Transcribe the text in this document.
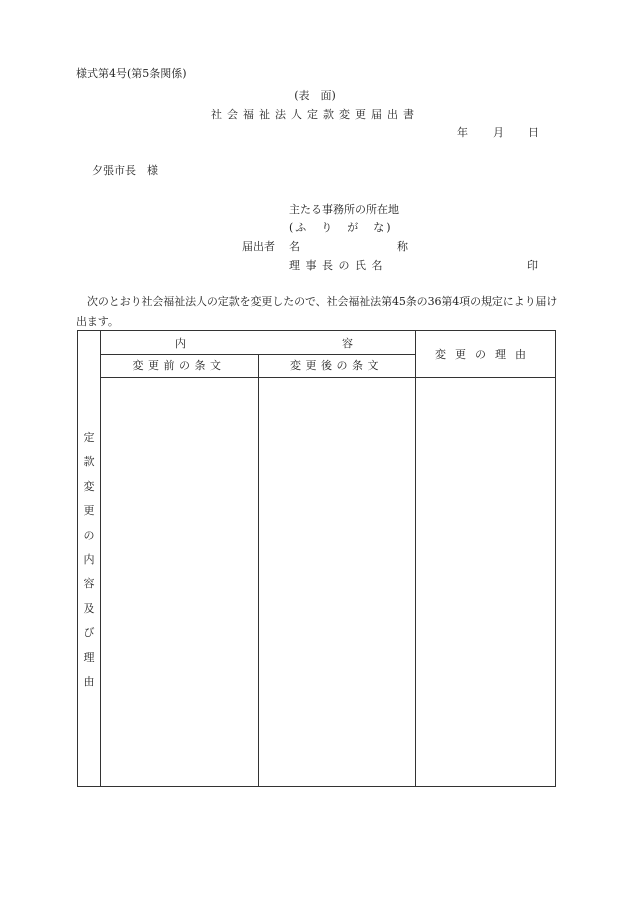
様式第4号(第5条関係)
(表　面)
社会福祉法人定款変更届出書
年 月 日
夕張市長　様
主たる事務所の所在地
(ふ　り　が　な)
届出者 名	称
理事長の氏名	印
次のとおり社会福祉法人の定款を変更したので、社会福祉法第45条の36第4項の規定により届け出ます。
内	容
変更前の条文	変更後の条文
変更の理由
定
款
変
更
の
内
容
及
び
理
由
